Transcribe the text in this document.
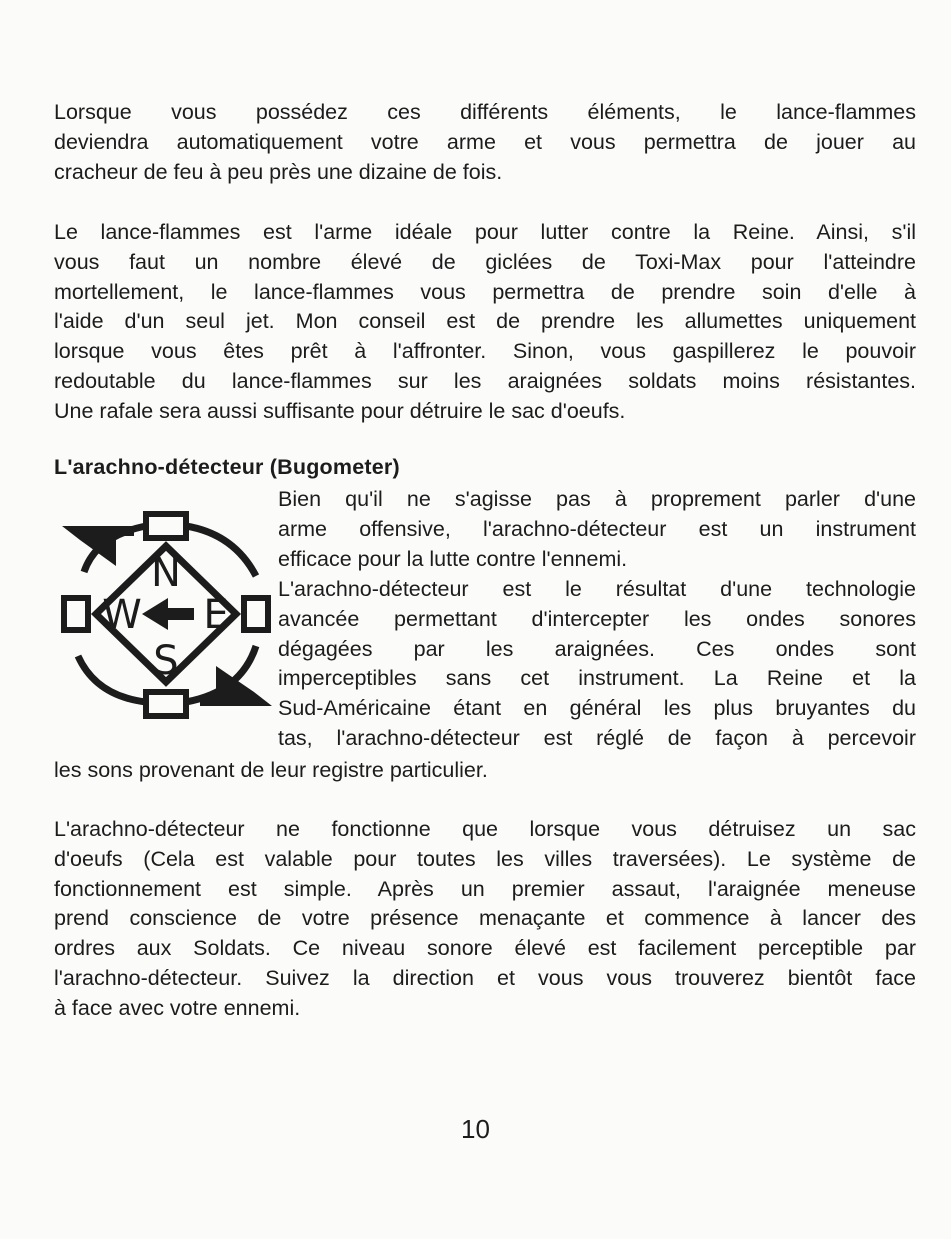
Lorsque vous possédez ces différents éléments, le lance-flammes
deviendra automatiquement votre arme et vous permettra de jouer au
cracheur de feu à peu près une dizaine de fois.

Le lance-flammes est l'arme idéale pour lutter contre la Reine. Ainsi, s'il
vous faut un nombre élevé de giclées de Toxi-Max pour l'atteindre
mortellement, le lance-flammes vous permettra de prendre soin d'elle à
l'aide d'un seul jet. Mon conseil est de prendre les allumettes uniquement
lorsque vous êtes prêt à l'affronter. Sinon, vous gaspillerez le pouvoir
redoutable du lance-flammes sur les araignées soldats moins résistantes.
Une rafale sera aussi suffisante pour détruire le sac d'oeufs.

L'arachno-détecteur (Bugometer)
N
W E
S

Bien qu'il ne s'agisse pas à proprement parler d'une
arme offensive, l'arachno-détecteur est un instrument
efficace pour la lutte contre l'ennemi.
L'arachno-détecteur est le résultat d'une technologie
avancée permettant d'intercepter les ondes sonores
dégagées par les araignées. Ces ondes sont
imperceptibles sans cet instrument. La Reine et la
Sud-Américaine étant en général les plus bruyantes du
tas, l'arachno-détecteur est réglé de façon à percevoir

les sons provenant de leur registre particulier.

L'arachno-détecteur ne fonctionne que lorsque vous détruisez un sac
d'oeufs (Cela est valable pour toutes les villes traversées). Le système de
fonctionnement est simple. Après un premier assaut, l'araignée meneuse
prend conscience de votre présence menaçante et commence à lancer des
ordres aux Soldats. Ce niveau sonore élevé est facilement perceptible par
l'arachno-détecteur. Suivez la direction et vous vous trouverez bientôt face
à face avec votre ennemi.

10
